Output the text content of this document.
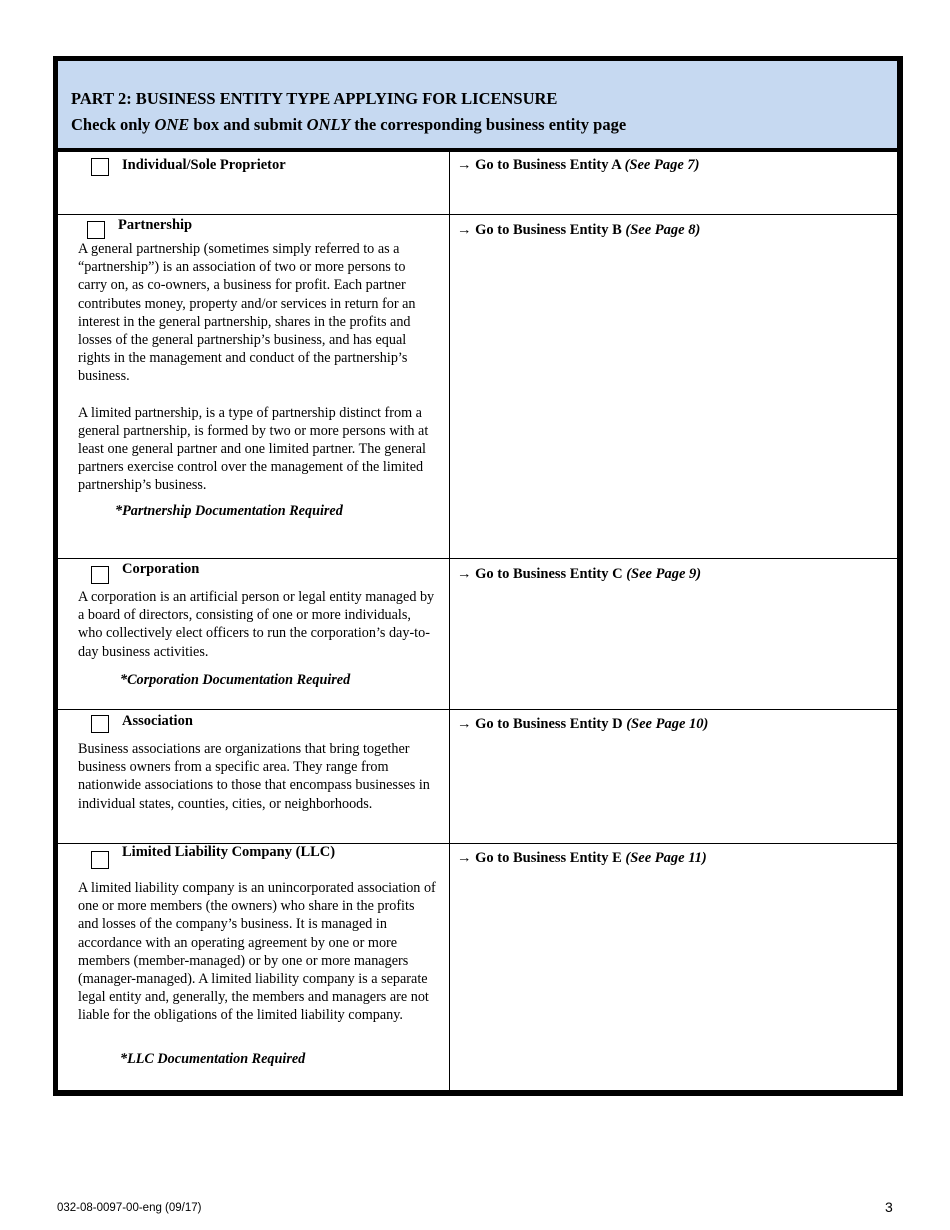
PART 2: BUSINESS ENTITY TYPE APPLYING FOR LICENSURE
Check only ONE box and submit ONLY the corresponding business entity page
Individual/Sole Proprietor	→ Go to Business Entity A (See Page 7)
Partnership

A general partnership (sometimes simply referred to as a “partnership”) is an association of two or more persons to carry on, as co-owners, a business for profit. Each partner contributes money, property and/or services in return for an interest in the general partnership, shares in the profits and losses of the general partnership’s business, and has equal rights in the management and conduct of the partnership’s business.

A limited partnership, is a type of partnership distinct from a general partnership, is formed by two or more persons with at least one general partner and one limited partner. The general partners exercise control over the management of the limited partnership’s business.

*Partnership Documentation Required
→ Go to Business Entity B (See Page 8)
Corporation

A corporation is an artificial person or legal entity managed by a board of directors, consisting of one or more individuals, who collectively elect officers to run the corporation’s day-to-day business activities.

*Corporation Documentation Required
→ Go to Business Entity C (See Page 9)
Association

Business associations are organizations that bring together business owners from a specific area. They range from nationwide associations to those that encompass businesses in individual states, counties, cities, or neighborhoods.

→ Go to Business Entity D (See Page 10)
Limited Liability Company (LLC)

A limited liability company is an unincorporated association of one or more members (the owners) who share in the profits and losses of the company’s business. It is managed in accordance with an operating agreement by one or more members (member-managed) or by one or more managers (manager-managed). A limited liability company is a separate legal entity and, generally, the members and managers are not liable for the obligations of the limited liability company.

*LLC Documentation Required
→ Go to Business Entity E (See Page 11)
032-08-0097-00-eng (09/17)	3
